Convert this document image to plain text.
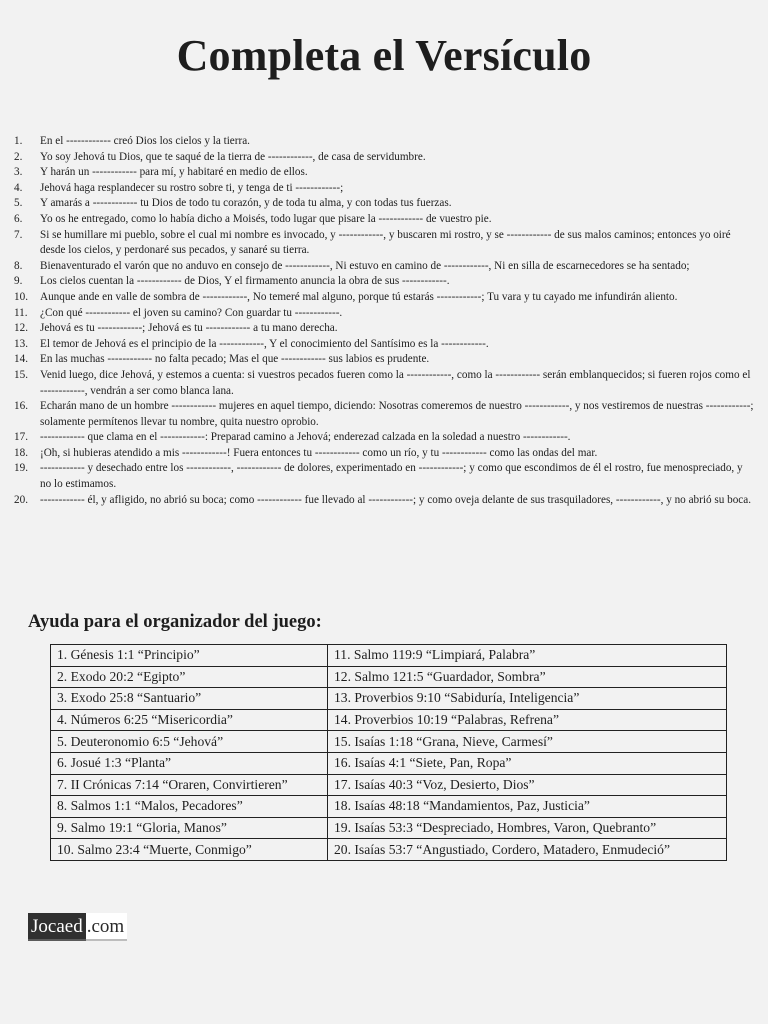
Completa el Versículo
1.	En el ------------ creó Dios los cielos y la tierra.
2.	Yo soy Jehová tu Dios, que te saqué de la tierra de ------------, de casa de servidumbre.
3.	Y harán un ------------ para mí, y habitaré en medio de ellos.
4.	Jehová haga resplandecer su rostro sobre ti, y tenga de ti ------------;
5.	Y amarás a ------------ tu Dios de todo tu corazón, y de toda tu alma, y con todas tus fuerzas.
6.	Yo os he entregado, como lo había dicho a Moisés, todo lugar que pisare la ------------ de vuestro pie.
7.	Si se humillare mi pueblo, sobre el cual mi nombre es invocado, y ------------, y buscaren mi rostro, y se ------------ de sus malos caminos; entonces yo oiré desde los cielos, y perdonaré sus pecados, y sanaré su tierra.
8.	Bienaventurado el varón que no anduvo en consejo de ------------, Ni estuvo en camino de ------------, Ni en silla de escarnecedores se ha sentado;
9.	Los cielos cuentan la ------------ de Dios, Y el firmamento anuncia la obra de sus ------------.
10.	Aunque ande en valle de sombra de ------------, No temeré mal alguno, porque tú estarás ------------; Tu vara y tu cayado me infundirán aliento.
11.	¿Con qué ------------ el joven su camino? Con guardar tu ------------.
12.	Jehová es tu ------------; Jehová es tu ------------ a tu mano derecha.
13.	El temor de Jehová es el principio de la ------------, Y el conocimiento del Santísimo es la ------------.
14.	En las muchas ------------ no falta pecado; Mas el que ------------ sus labios es prudente.
15.	Venid luego, dice Jehová, y estemos a cuenta: si vuestros pecados fueren como la ------------, como la ------------ serán emblanquecidos; si fueren rojos como el ------------, vendrán a ser como blanca lana.
16.	Echarán mano de un hombre ------------ mujeres en aquel tiempo, diciendo: Nosotras comeremos de nuestro ------------, y nos vestiremos de nuestras ------------; solamente permítenos llevar tu nombre, quita nuestro oprobio.
17.	------------ que clama en el ------------: Preparad camino a Jehová; enderezad calzada en la soledad a nuestro ------------.
18.	¡Oh, si hubieras atendido a mis ------------! Fuera entonces tu ------------ como un río, y tu ------------ como las ondas del mar.
19.	------------ y desechado entre los ------------, ------------ de dolores, experimentado en ------------; y como que escondimos de él el rostro, fue menospreciado, y no lo estimamos.
20.	------------ él, y afligido, no abrió su boca; como ------------ fue llevado al ------------; y como oveja delante de sus trasquiladores, ------------, y no abrió su boca.
Ayuda para el organizador del juego:
1. Génesis 1:1 “Principio”	11. Salmo 119:9 “Limpiará, Palabra”
2. Exodo 20:2 “Egipto”	12. Salmo 121:5 “Guardador, Sombra”
3. Exodo 25:8 “Santuario”	13. Proverbios 9:10 “Sabiduría, Inteligencia”
4. Números 6:25 “Misericordia”	14. Proverbios 10:19 “Palabras, Refrena”
5. Deuteronomio 6:5 “Jehová”	15. Isaías 1:18 “Grana, Nieve, Carmesí”
6. Josué 1:3 “Planta”	16. Isaías 4:1 “Siete, Pan, Ropa”
7. II Crónicas 7:14 “Oraren, Convirtieren”	17. Isaías 40:3 “Voz, Desierto, Dios”
8. Salmos 1:1 “Malos, Pecadores”	18. Isaías 48:18 “Mandamientos, Paz, Justicia”
9. Salmo 19:1 “Gloria, Manos”	19. Isaías 53:3 “Despreciado, Hombres, Varon, Quebranto”
10. Salmo 23:4 “Muerte, Conmigo”	20. Isaías 53:7 “Angustiado, Cordero, Matadero, Enmudeció”
Jocaed .com
